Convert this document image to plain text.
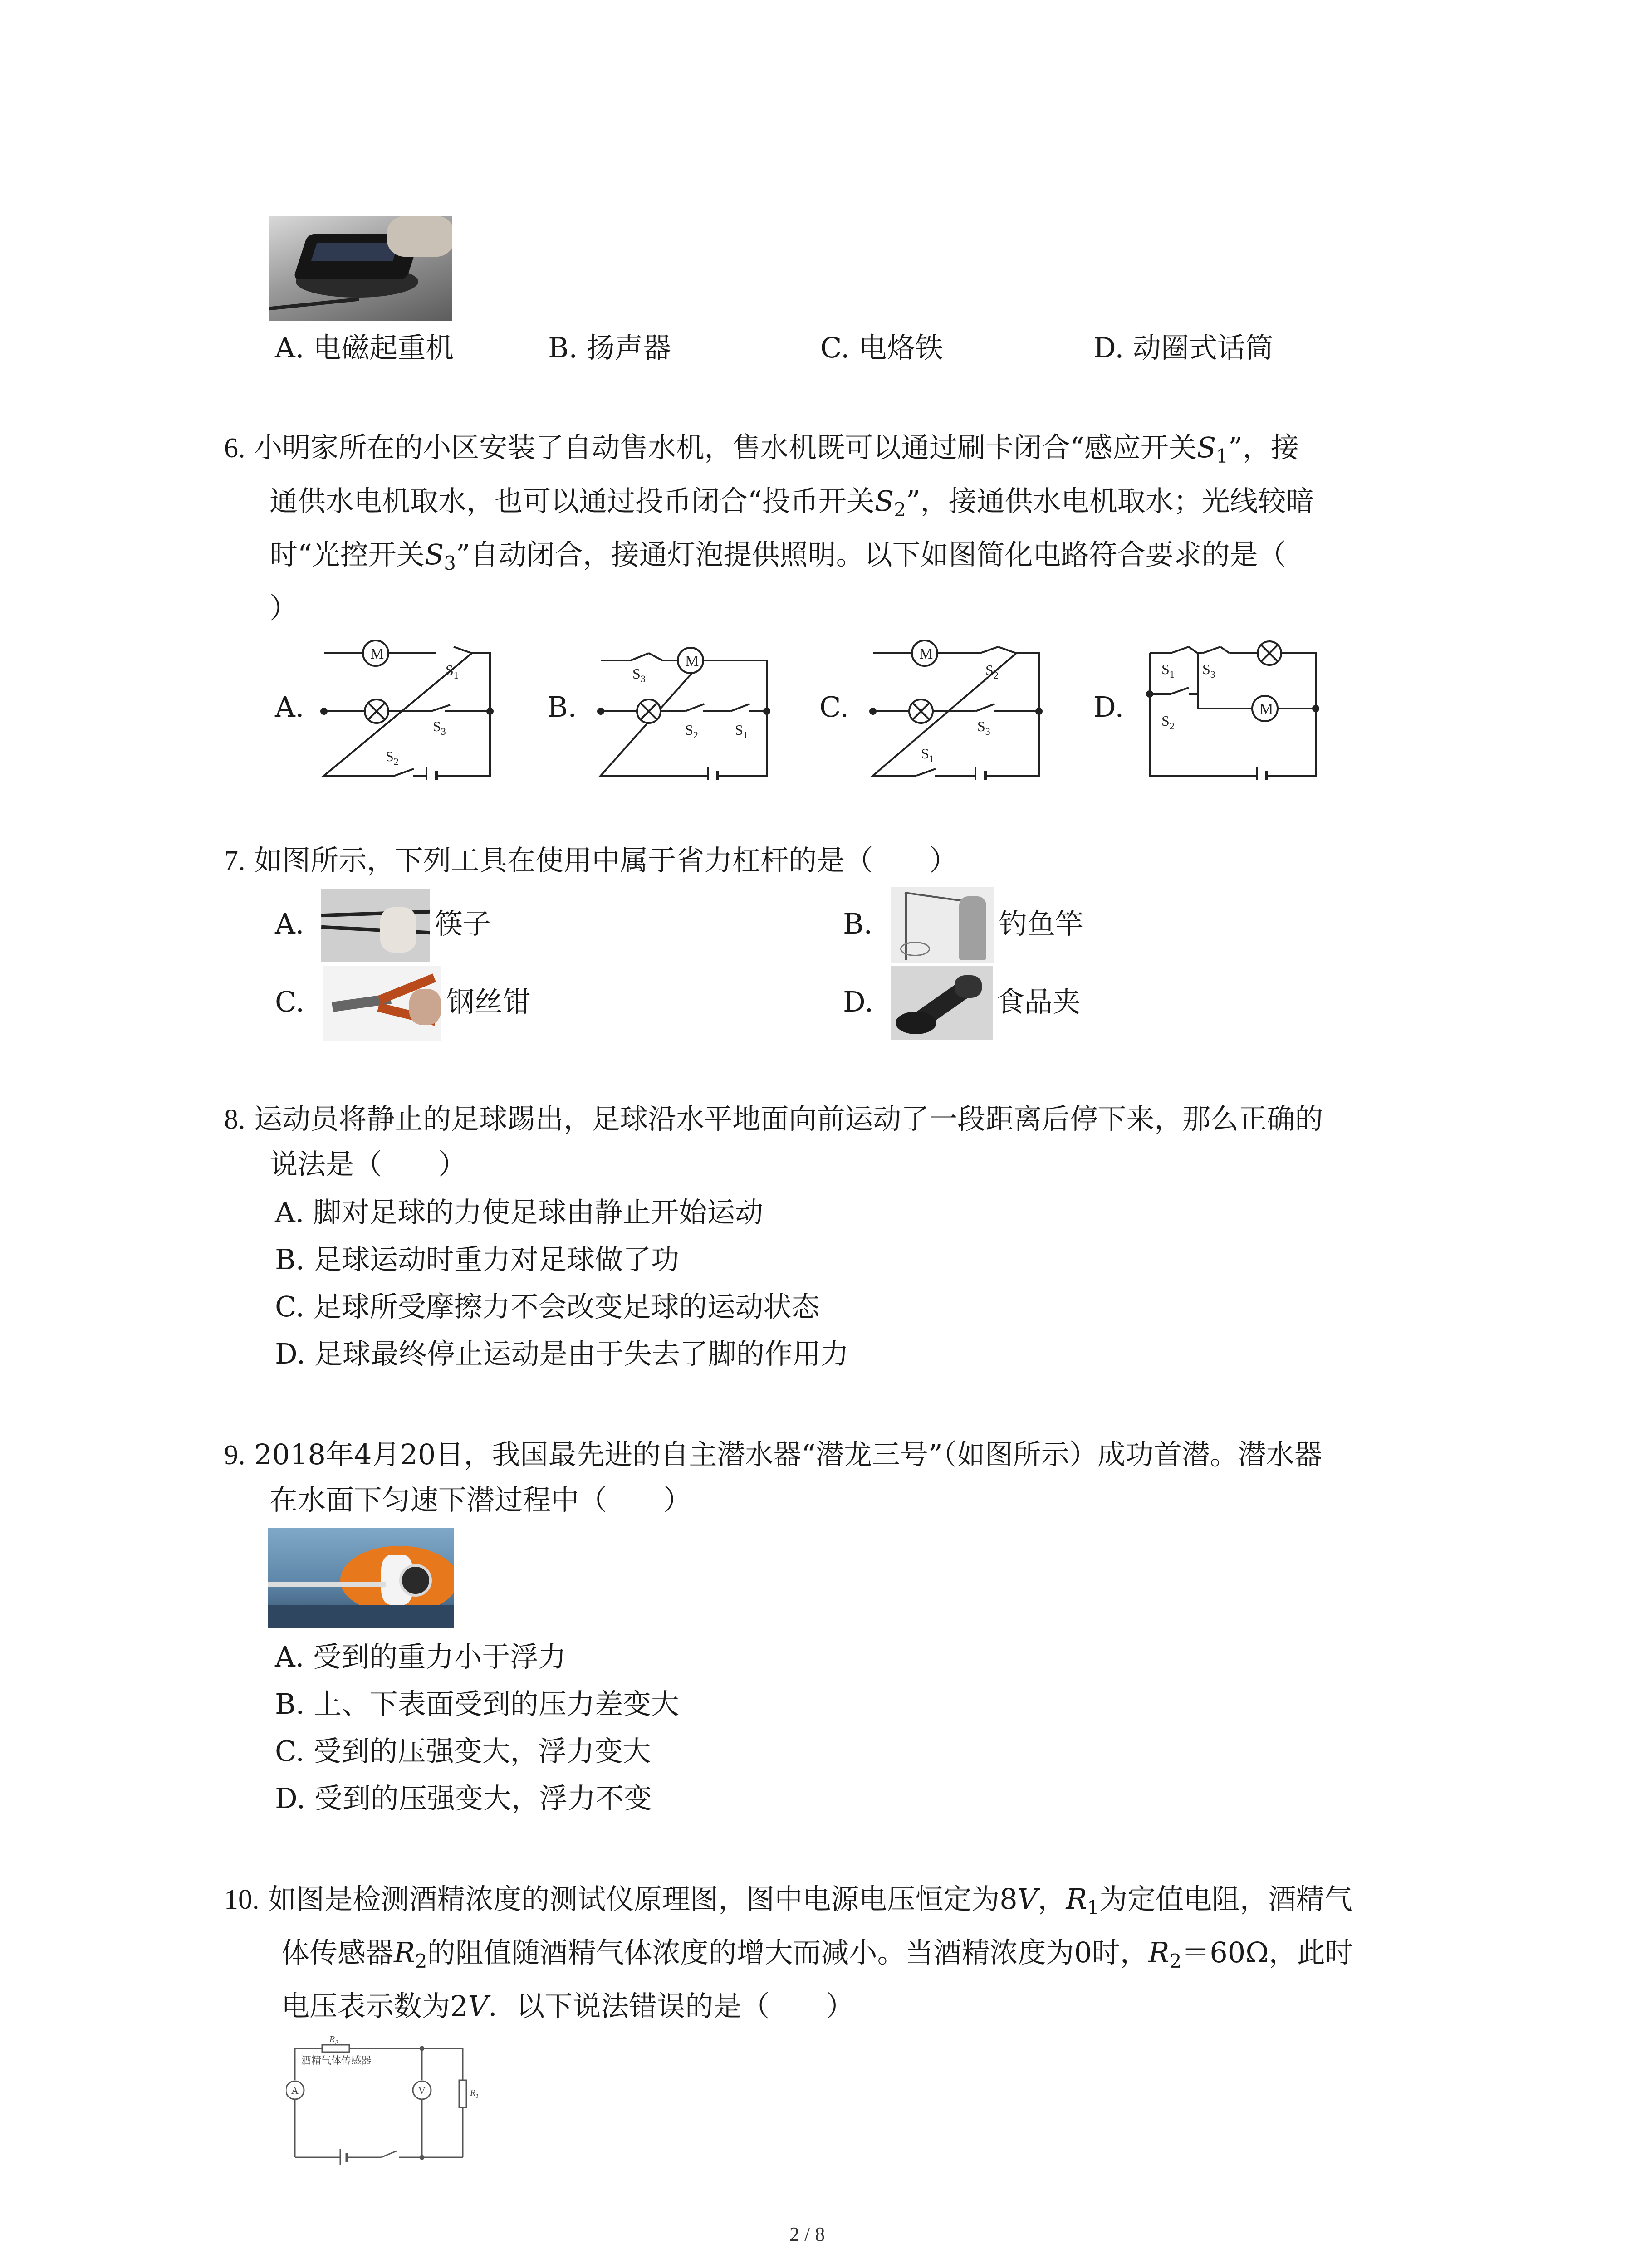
A. 电磁起重机	B. 扬声器	C. 电烙铁	D. 动圈式话筒
6. 小明家所在的小区安装了自动售水机，售水机既可以通过刷卡闭合“感应开关$S_1$”，接
通供水电机取水，也可以通过投币闭合“投币开关$S_2$”，接通供水电机取水；光线较暗
时“光控开关$S_3$”自动闭合，接通灯泡提供照明。以下如图简化电路符合要求的是（
）
A.	B.	C.	D.
M
$S_1$
$S_3$
$S_2$
M
$S_3$
$S_2$	$S_1$
M
$S_2$
$S_3$
$S_1$
M
$S_1$ $S_3$
$S_2$
7. 如图所示，下列工具在使用中属于省力杠杆的是（　　）
A.	筷子	B.	钓鱼竿
C.	钢丝钳	D.	食品夹
8. 运动员将静止的足球踢出，足球沿水平地面向前运动了一段距离后停下来，那么正确的
说法是（　　）
A. 脚对足球的力使足球由静止开始运动
B. 足球运动时重力对足球做了功
C. 足球所受摩擦力不会改变足球的运动状态
D. 足球最终停止运动是由于失去了脚的作用力
9. 2018年4月20日，我国最先进的自主潜水器“潜龙三号”（如图所示）成功首潜。潜水器
在水面下匀速下潜过程中（　　）
A. 受到的重力小于浮力
B. 上、下表面受到的压力差变大
C. 受到的压强变大，浮力变大
D. 受到的压强变大，浮力不变
10. 如图是检测酒精浓度的测试仪原理图，图中电源电压恒定为8V，$R_1$为定值电阻，酒精气
体传感器$R_2$的阻值随酒精气体浓度的增大而减小。当酒精浓度为0时，$R_2=60\Omega$，此时
电压表示数为2V．以下说法错误的是（　　）
$R_2$
酒精气体传感器
A	V	$R_1$
2 / 8
